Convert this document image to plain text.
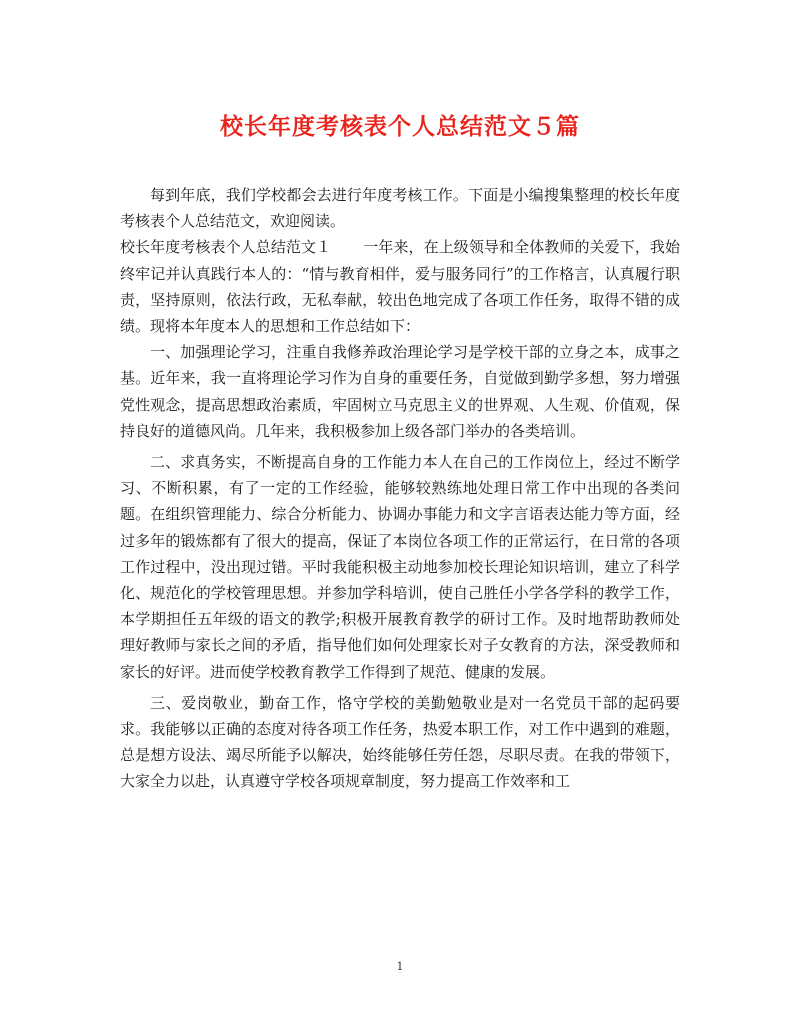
校长年度考核表个人总结范文５篇

每到年底，我们学校都会去进行年度考核工作。下面是小编搜集整理的校长年度考核表个人总结范文，欢迎阅读。

校长年度考核表个人总结范文１ 一年来，在上级领导和全体教师的关爱下，我始终牢记并认真践行本人的：“情与教育相伴，爱与服务同行”的工作格言，认真履行职责，坚持原则，依法行政，无私奉献，较出色地完成了各项工作任务，取得不错的成绩。现将本年度本人的思想和工作总结如下：

一、加强理论学习，注重自我修养政治理论学习是学校干部的立身之本，成事之基。近年来，我一直将理论学习作为自身的重要任务，自觉做到勤学多想，努力增强党性观念，提高思想政治素质，牢固树立马克思主义的世界观、人生观、价值观，保持良好的道德风尚。几年来，我积极参加上级各部门举办的各类培训。

二、求真务实，不断提高自身的工作能力本人在自己的工作岗位上，经过不断学习、不断积累，有了一定的工作经验，能够较熟练地处理日常工作中出现的各类问题。在组织管理能力、综合分析能力、协调办事能力和文字言语表达能力等方面，经过多年的锻炼都有了很大的提高，保证了本岗位各项工作的正常运行，在日常的各项工作过程中，没出现过错。平时我能积极主动地参加校长理论知识培训，建立了科学化、规范化的学校管理思想。并参加学科培训，使自己胜任小学各学科的教学工作，本学期担任五年级的语文的教学;积极开展教育教学的研讨工作。及时地帮助教师处理好教师与家长之间的矛盾，指导他们如何处理家长对子女教育的方法，深受教师和家长的好评。进而使学校教育教学工作得到了规范、健康的发展。

三、爱岗敬业，勤奋工作，恪守学校的美勤勉敬业是对一名党员干部的起码要求。我能够以正确的态度对待各项工作任务，热爱本职工作，对工作中遇到的难题，总是想方设法、竭尽所能予以解决，始终能够任劳任怨，尽职尽责。在我的带领下，大家全力以赴，认真遵守学校各项规章制度，努力提高工作效率和工

1
